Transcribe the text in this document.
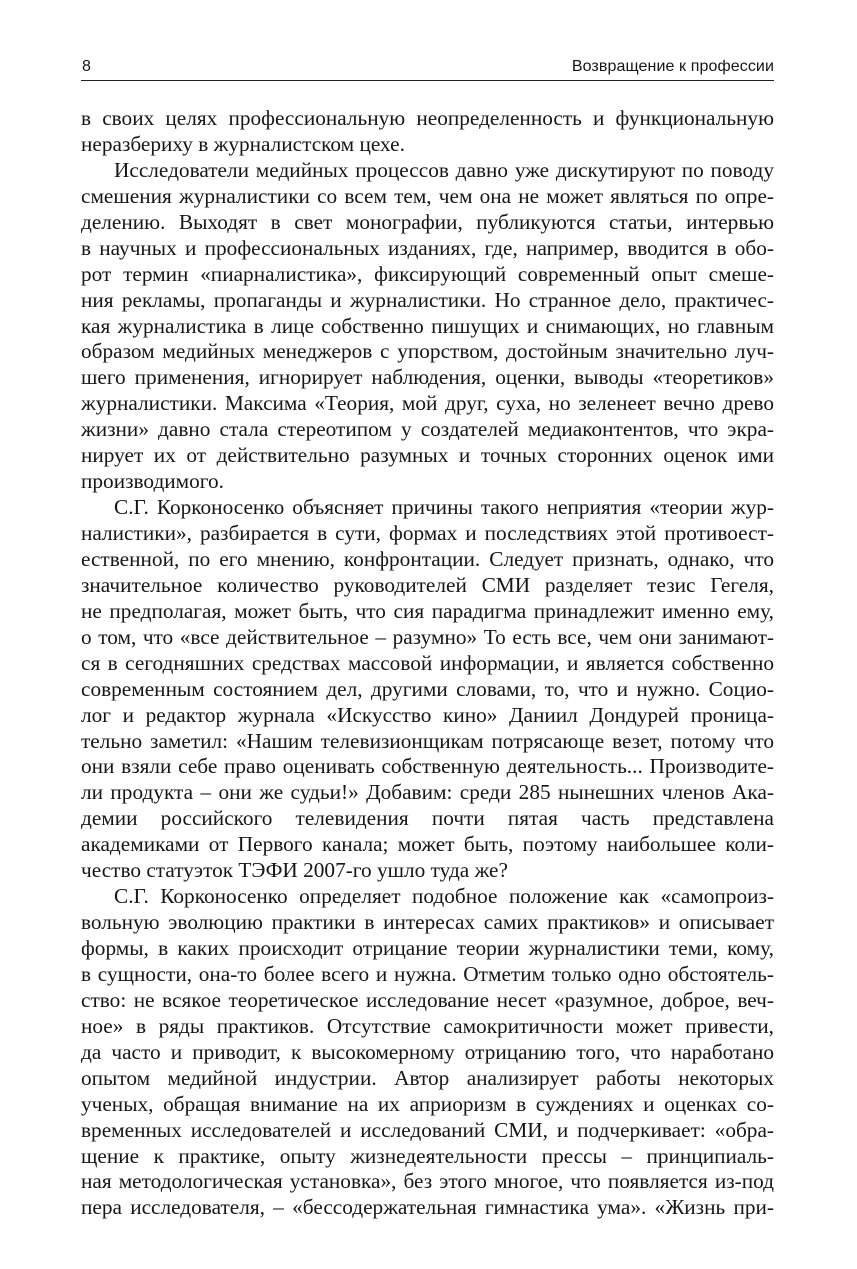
8	Возвращение к профессии
в своих целях профессиональную неопределенность и функциональную
неразбериху в журналистском цехе.
Исследователи медийных процессов давно уже дискутируют по поводу
смешения журналистики со всем тем, чем она не может являться по опре-
делению. Выходят в свет монографии, публикуются статьи, интервью
в научных и профессиональных изданиях, где, например, вводится в обо-
рот термин «пиарналистика», фиксирующий современный опыт смеше-
ния рекламы, пропаганды и журналистики. Но странное дело, практичес-
кая журналистика в лице собственно пишущих и снимающих, но главным
образом медийных менеджеров с упорством, достойным значительно луч-
шего применения, игнорирует наблюдения, оценки, выводы «теоретиков»
журналистики. Максима «Теория, мой друг, суха, но зеленеет вечно древо
жизни» давно стала стереотипом у создателей медиаконтентов, что экра-
нирует их от действительно разумных и точных сторонних оценок ими
производимого.
С.Г. Корконосенко объясняет причины такого неприятия «теории жур-
налистики», разбирается в сути, формах и последствиях этой противоест-
ественной, по его мнению, конфронтации. Следует признать, однако, что
значительное количество руководителей СМИ разделяет тезис Гегеля,
не предполагая, может быть, что сия парадигма принадлежит именно ему,
о том, что «все действительное – разумно» То есть все, чем они занимают-
ся в сегодняшних средствах массовой информации, и является собственно
современным состоянием дел, другими словами, то, что и нужно. Социо-
лог и редактор журнала «Искусство кино» Даниил Дондурей проница-
тельно заметил: «Нашим телевизионщикам потрясающе везет, потому что
они взяли себе право оценивать собственную деятельность... Производите-
ли продукта – они же судьи!» Добавим: среди 285 нынешних членов Ака-
демии российского телевидения почти пятая часть представлена
академиками от Первого канала; может быть, поэтому наибольшее коли-
чество статуэток ТЭФИ 2007-го ушло туда же?
С.Г. Корконосенко определяет подобное положение как «самопроиз-
вольную эволюцию практики в интересах самих практиков» и описывает
формы, в каких происходит отрицание теории журналистики теми, кому,
в сущности, она-то более всего и нужна. Отметим только одно обстоятель-
ство: не всякое теоретическое исследование несет «разумное, доброе, веч-
ное» в ряды практиков. Отсутствие самокритичности может привести,
да часто и приводит, к высокомерному отрицанию того, что наработано
опытом медийной индустрии. Автор анализирует работы некоторых
ученых, обращая внимание на их априоризм в суждениях и оценках со-
временных исследователей и исследований СМИ, и подчеркивает: «обра-
щение к практике, опыту жизнедеятельности прессы – принципиаль-
ная методологическая установка», без этого многое, что появляется из-под
пера исследователя, – «бессодержательная гимнастика ума». «Жизнь при-
